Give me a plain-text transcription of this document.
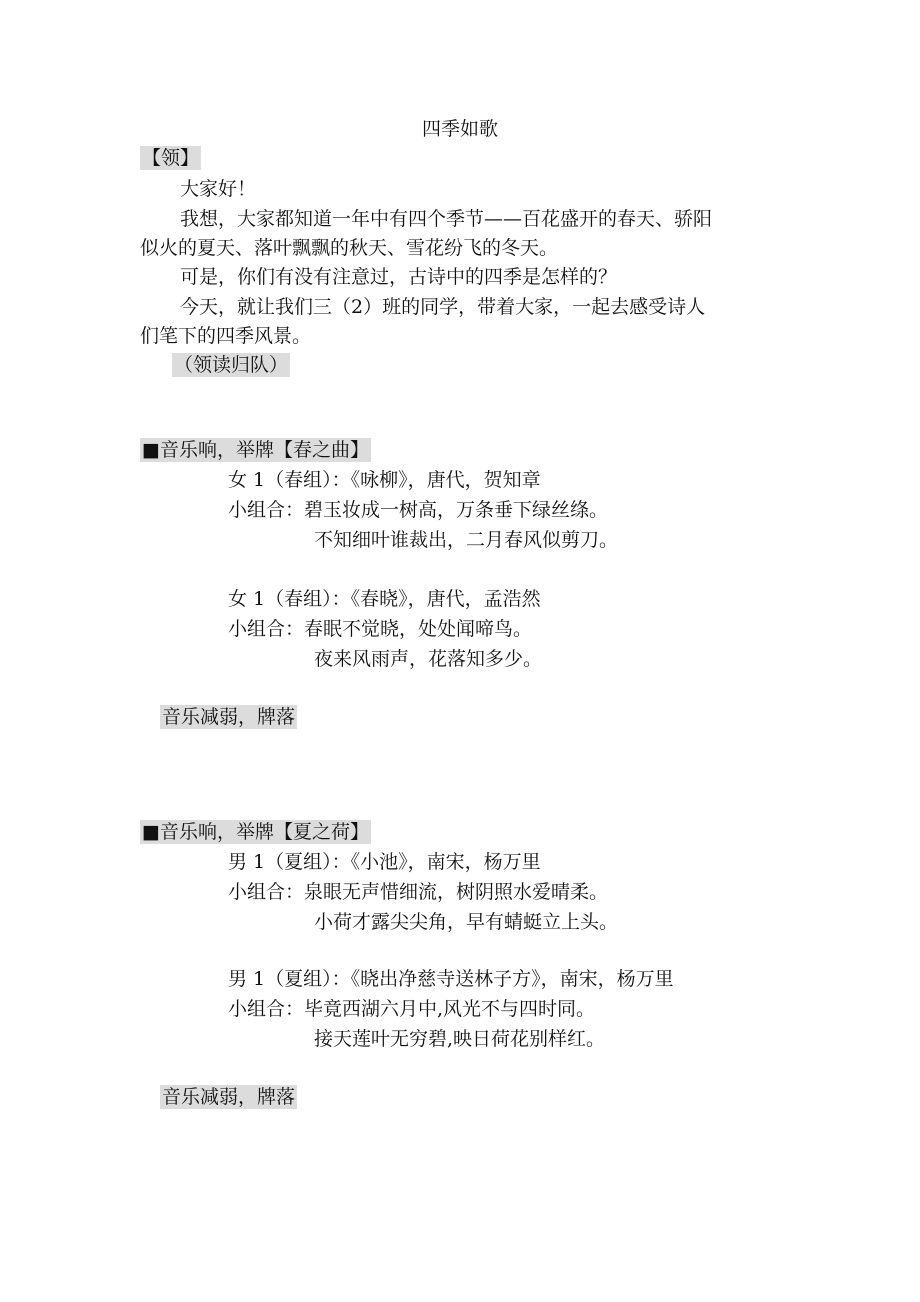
四季如歌
【领】
大家好！
我想，大家都知道一年中有四个季节——百花盛开的春天、骄阳
似火的夏天、落叶飘飘的秋天、雪花纷飞的冬天。
可是，你们有没有注意过，古诗中的四季是怎样的？
今天，就让我们三（2）班的同学，带着大家，一起去感受诗人
们笔下的四季风景。
（领读归队）
■音乐响，举牌【春之曲】
女 1（春组）：《咏柳》，唐代，贺知章
小组合：碧玉妆成一树高，万条垂下绿丝绦。
不知细叶谁裁出，二月春风似剪刀。
女 1（春组）：《春晓》，唐代，孟浩然
小组合：春眠不觉晓，处处闻啼鸟。
夜来风雨声，花落知多少。
音乐减弱，牌落
■音乐响，举牌【夏之荷】
男 1（夏组）：《小池》，南宋，杨万里
小组合：泉眼无声惜细流，树阴照水爱晴柔。
小荷才露尖尖角，早有蜻蜓立上头。
男 1（夏组）：《晓出净慈寺送林子方》，南宋，杨万里
小组合：毕竟西湖六月中,风光不与四时同。
接天莲叶无穷碧,映日荷花别样红。
音乐减弱，牌落
